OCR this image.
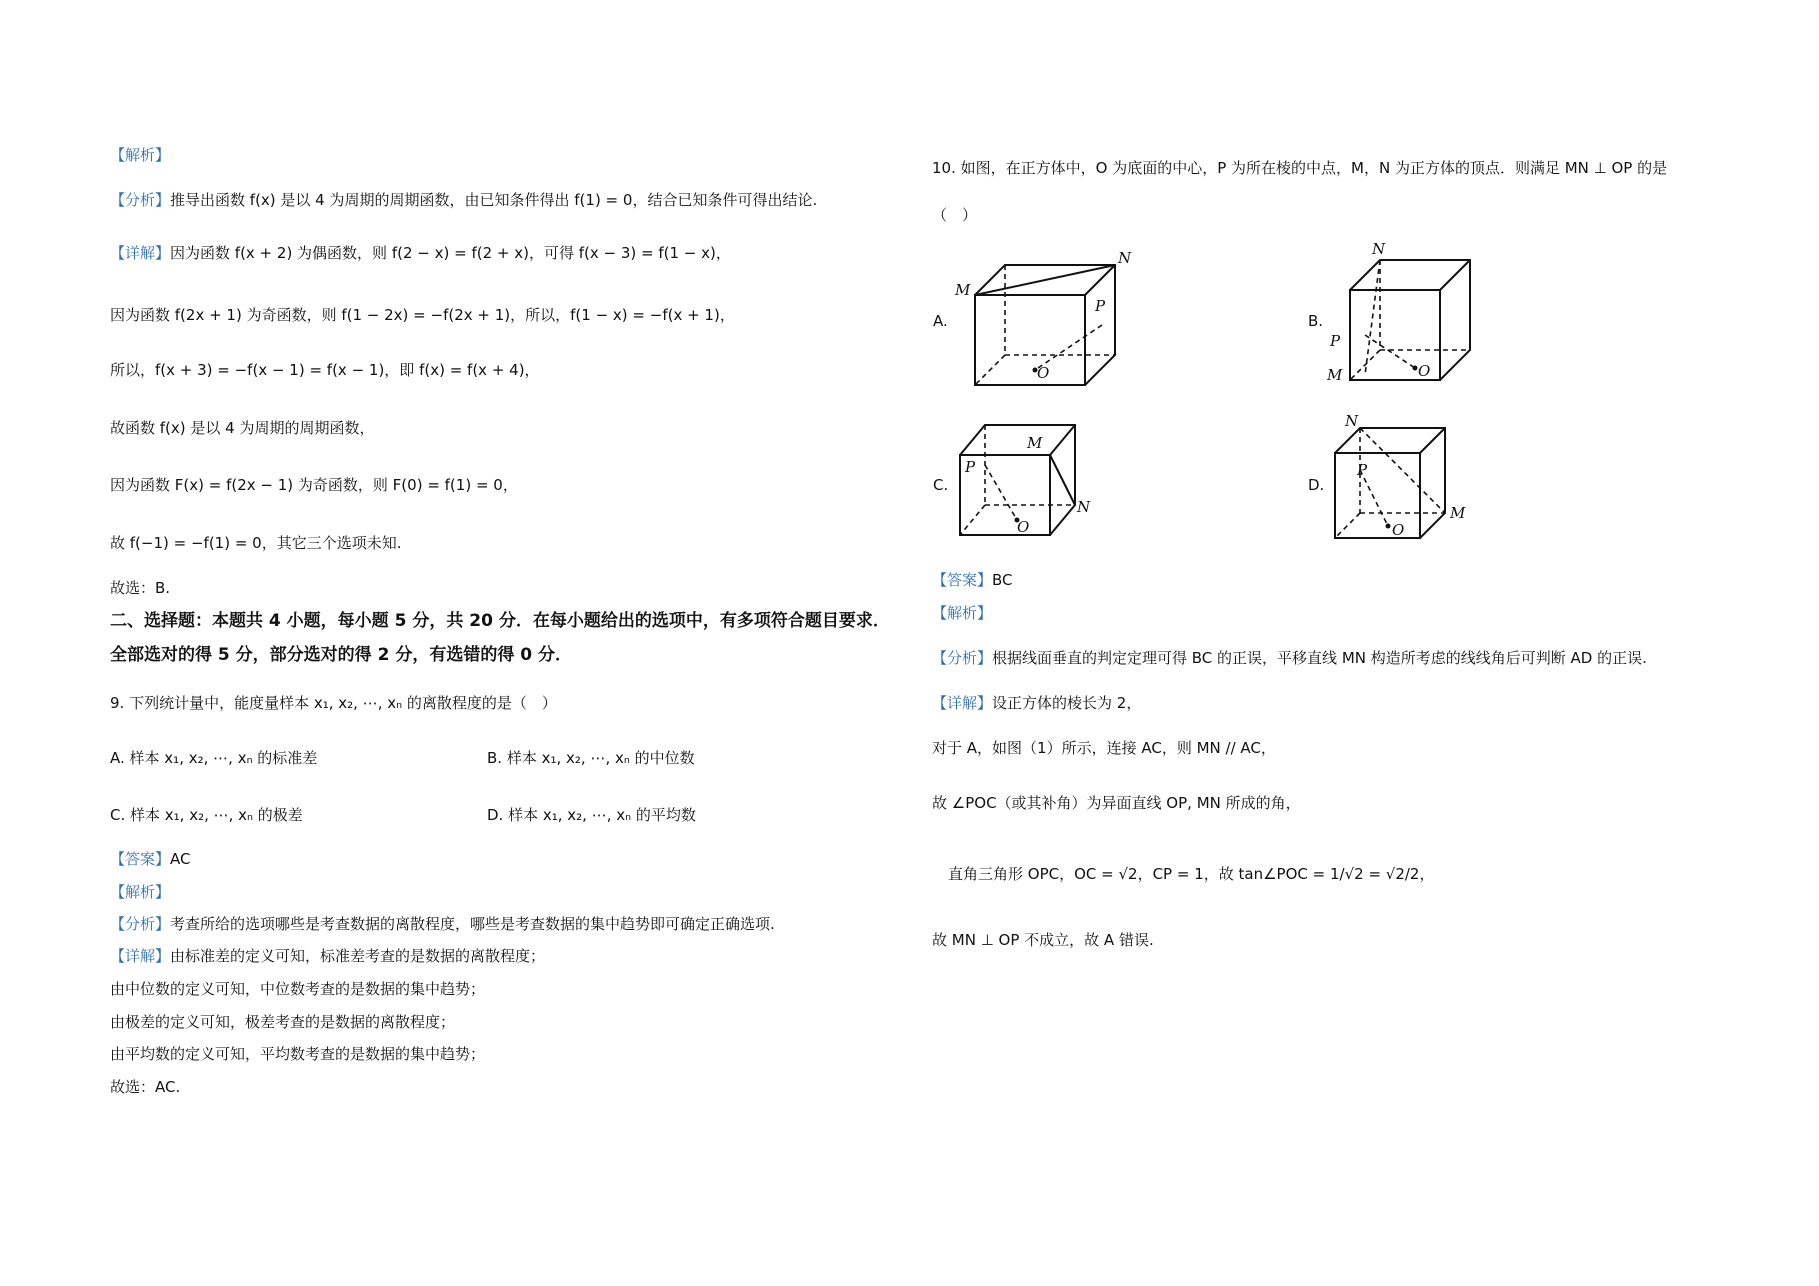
【解析】
【分析】推导出函数 f(x) 是以 4 为周期的周期函数，由已知条件得出 f(1) = 0，结合已知条件可得出结论.
【详解】因为函数 f(x + 2) 为偶函数，则 f(2 − x) = f(2 + x)，可得 f(x − 3) = f(1 − x)，
因为函数 f(2x + 1) 为奇函数，则 f(1 − 2x) = −f(2x + 1)，所以，f(1 − x) = −f(x + 1)，
所以，f(x + 3) = −f(x − 1) = f(x − 1)，即 f(x) = f(x + 4)，
故函数 f(x) 是以 4 为周期的周期函数，
因为函数 F(x) = f(2x − 1) 为奇函数，则 F(0) = f(1) = 0，
故 f(−1) = −f(1) = 0，其它三个选项未知.
故选：B.
二、选择题：本题共 4 小题，每小题 5 分，共 20 分．在每小题给出的选项中，有多项符合题目要求．
全部选对的得 5 分，部分选对的得 2 分，有选错的得 0 分．
9. 下列统计量中，能度量样本 x₁, x₂, ⋯, xₙ 的离散程度的是（　）
A. 样本 x₁, x₂, ⋯, xₙ 的标准差	B. 样本 x₁, x₂, ⋯, xₙ 的中位数
C. 样本 x₁, x₂, ⋯, xₙ 的极差	D. 样本 x₁, x₂, ⋯, xₙ 的平均数
【答案】AC
【解析】
【分析】考查所给的选项哪些是考查数据的离散程度，哪些是考查数据的集中趋势即可确定正确选项.
【详解】由标准差的定义可知，标准差考查的是数据的离散程度；
由中位数的定义可知，中位数考查的是数据的集中趋势；
由极差的定义可知，极差考查的是数据的离散程度；
由平均数的定义可知，平均数考查的是数据的集中趋势；
故选：AC.
10. 如图，在正方体中，O 为底面的中心，P 为所在棱的中点，M，N 为正方体的顶点．则满足 MN ⊥ OP 的是
（　）
A.
M
N
P
O
B.
N
P
M	O
C.
M
P
N
O
D.
N
P
M
O
【答案】BC
【解析】
【分析】根据线面垂直的判定定理可得 BC 的正误，平移直线 MN 构造所考虑的线线角后可判断 AD 的正误.
【详解】设正方体的棱长为 2，
对于 A，如图（1）所示，连接 AC，则 MN // AC，
故 ∠POC（或其补角）为异面直线 OP, MN 所成的角，
直角三角形 OPC，OC = √2，CP = 1，故 tan∠POC = 1/√2 = √2/2，
故 MN ⊥ OP 不成立，故 A 错误.
